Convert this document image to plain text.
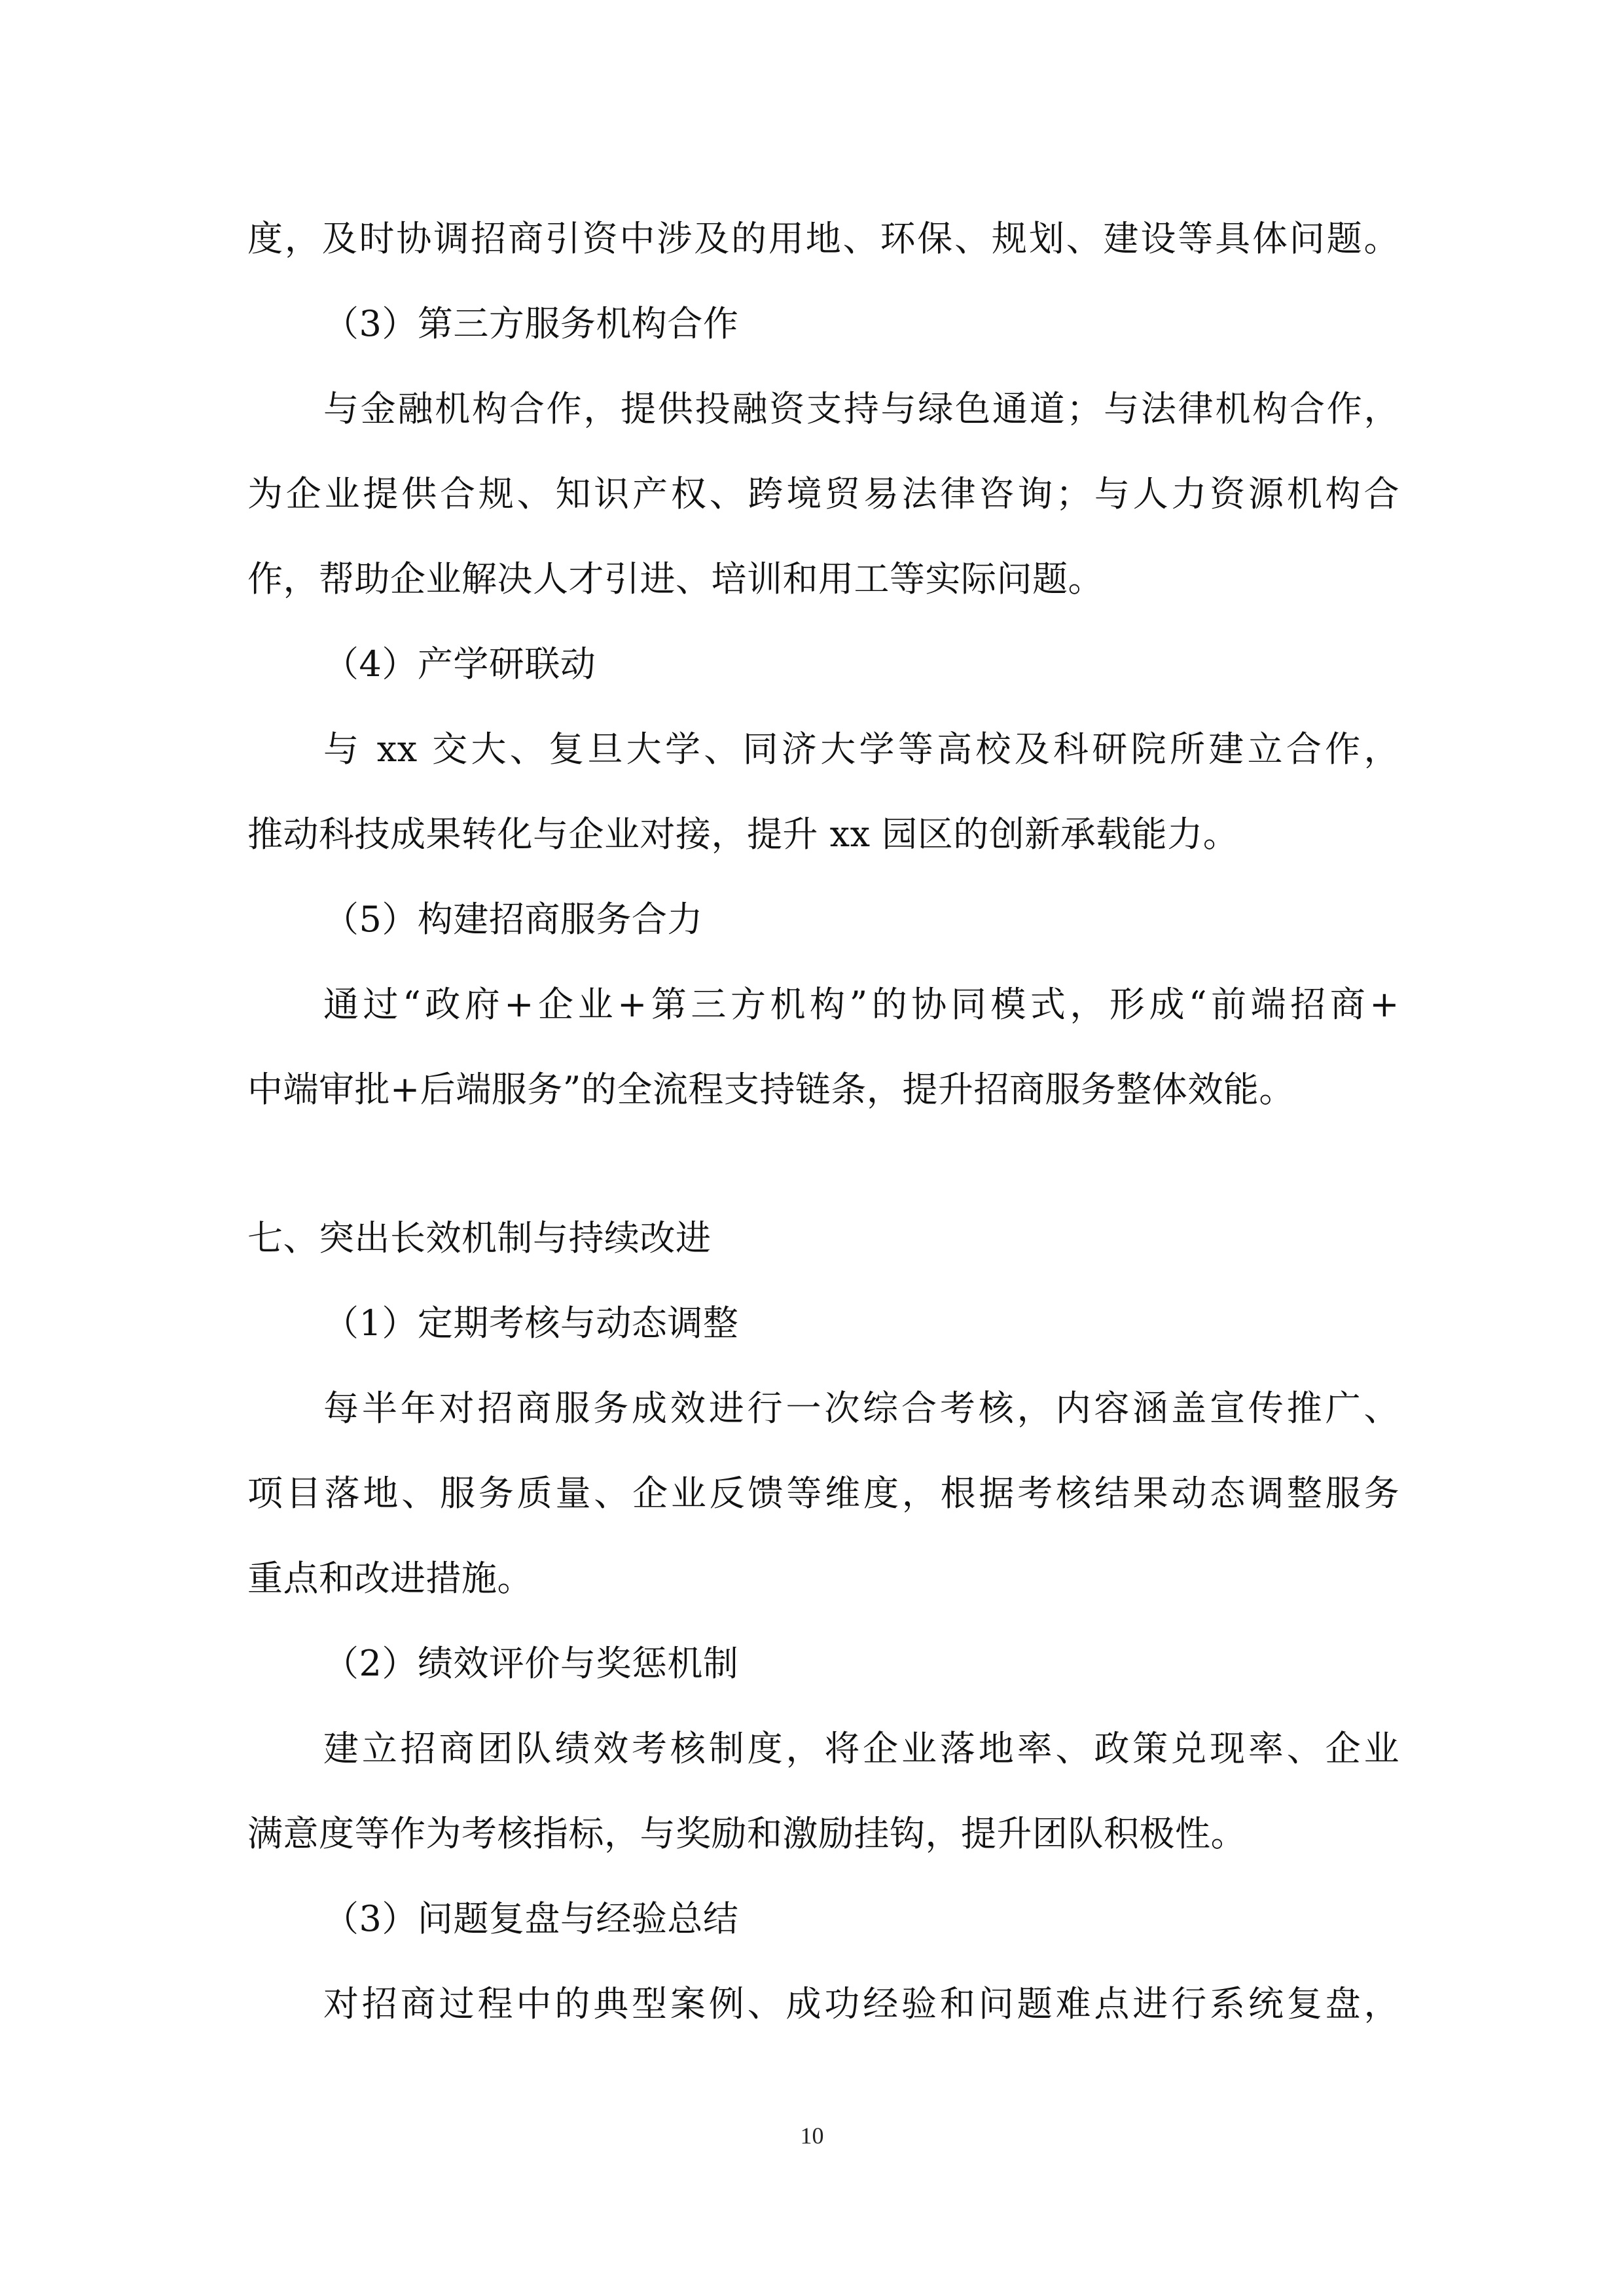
度，及时协调招商引资中涉及的用地、环保、规划、建设等具体问题。
（3）第三方服务机构合作
与金融机构合作，提供投融资支持与绿色通道；与法律机构合作，
为企业提供合规、知识产权、跨境贸易法律咨询；与人力资源机构合
作，帮助企业解决人才引进、培训和用工等实际问题。
（4）产学研联动
与 xx 交大、复旦大学、同济大学等高校及科研院所建立合作，
推动科技成果转化与企业对接，提升 xx 园区的创新承载能力。
（5）构建招商服务合力
通过“政府+企业+第三方机构”的协同模式，形成“前端招商+
中端审批+后端服务”的全流程支持链条，提升招商服务整体效能。
七、突出长效机制与持续改进
（1）定期考核与动态调整
每半年对招商服务成效进行一次综合考核，内容涵盖宣传推广、
项目落地、服务质量、企业反馈等维度，根据考核结果动态调整服务
重点和改进措施。
（2）绩效评价与奖惩机制
建立招商团队绩效考核制度，将企业落地率、政策兑现率、企业
满意度等作为考核指标，与奖励和激励挂钩，提升团队积极性。
（3）问题复盘与经验总结
对招商过程中的典型案例、成功经验和问题难点进行系统复盘，
10
